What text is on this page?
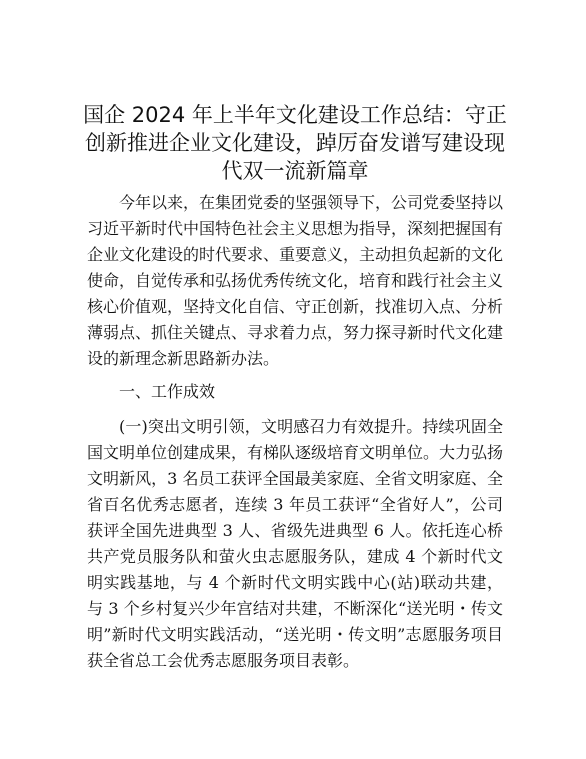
国企 2024 年上半年文化建设工作总结：守正创新推进企业文化建设，踔厉奋发谱写建设现代双一流新篇章

今年以来，在集团党委的坚强领导下，公司党委坚持以习近平新时代中国特色社会主义思想为指导，深刻把握国有企业文化建设的时代要求、重要意义，主动担负起新的文化使命，自觉传承和弘扬优秀传统文化，培育和践行社会主义核心价值观，坚持文化自信、守正创新，找准切入点、分析薄弱点、抓住关键点、寻求着力点，努力探寻新时代文化建设的新理念新思路新办法。

一、工作成效

(一)突出文明引领，文明感召力有效提升。持续巩固全国文明单位创建成果，有梯队逐级培育文明单位。大力弘扬文明新风，3 名员工获评全国最美家庭、全省文明家庭、全省百名优秀志愿者，连续 3 年员工获评“全省好人”，公司获评全国先进典型 3 人、省级先进典型 6 人。依托连心桥共产党员服务队和萤火虫志愿服务队，建成 4 个新时代文明实践基地，与 4 个新时代文明实践中心(站)联动共建，与 3 个乡村复兴少年宫结对共建，不断深化“送光明・传文明”新时代文明实践活动，“送光明・传文明”志愿服务项目获全省总工会优秀志愿服务项目表彰。
